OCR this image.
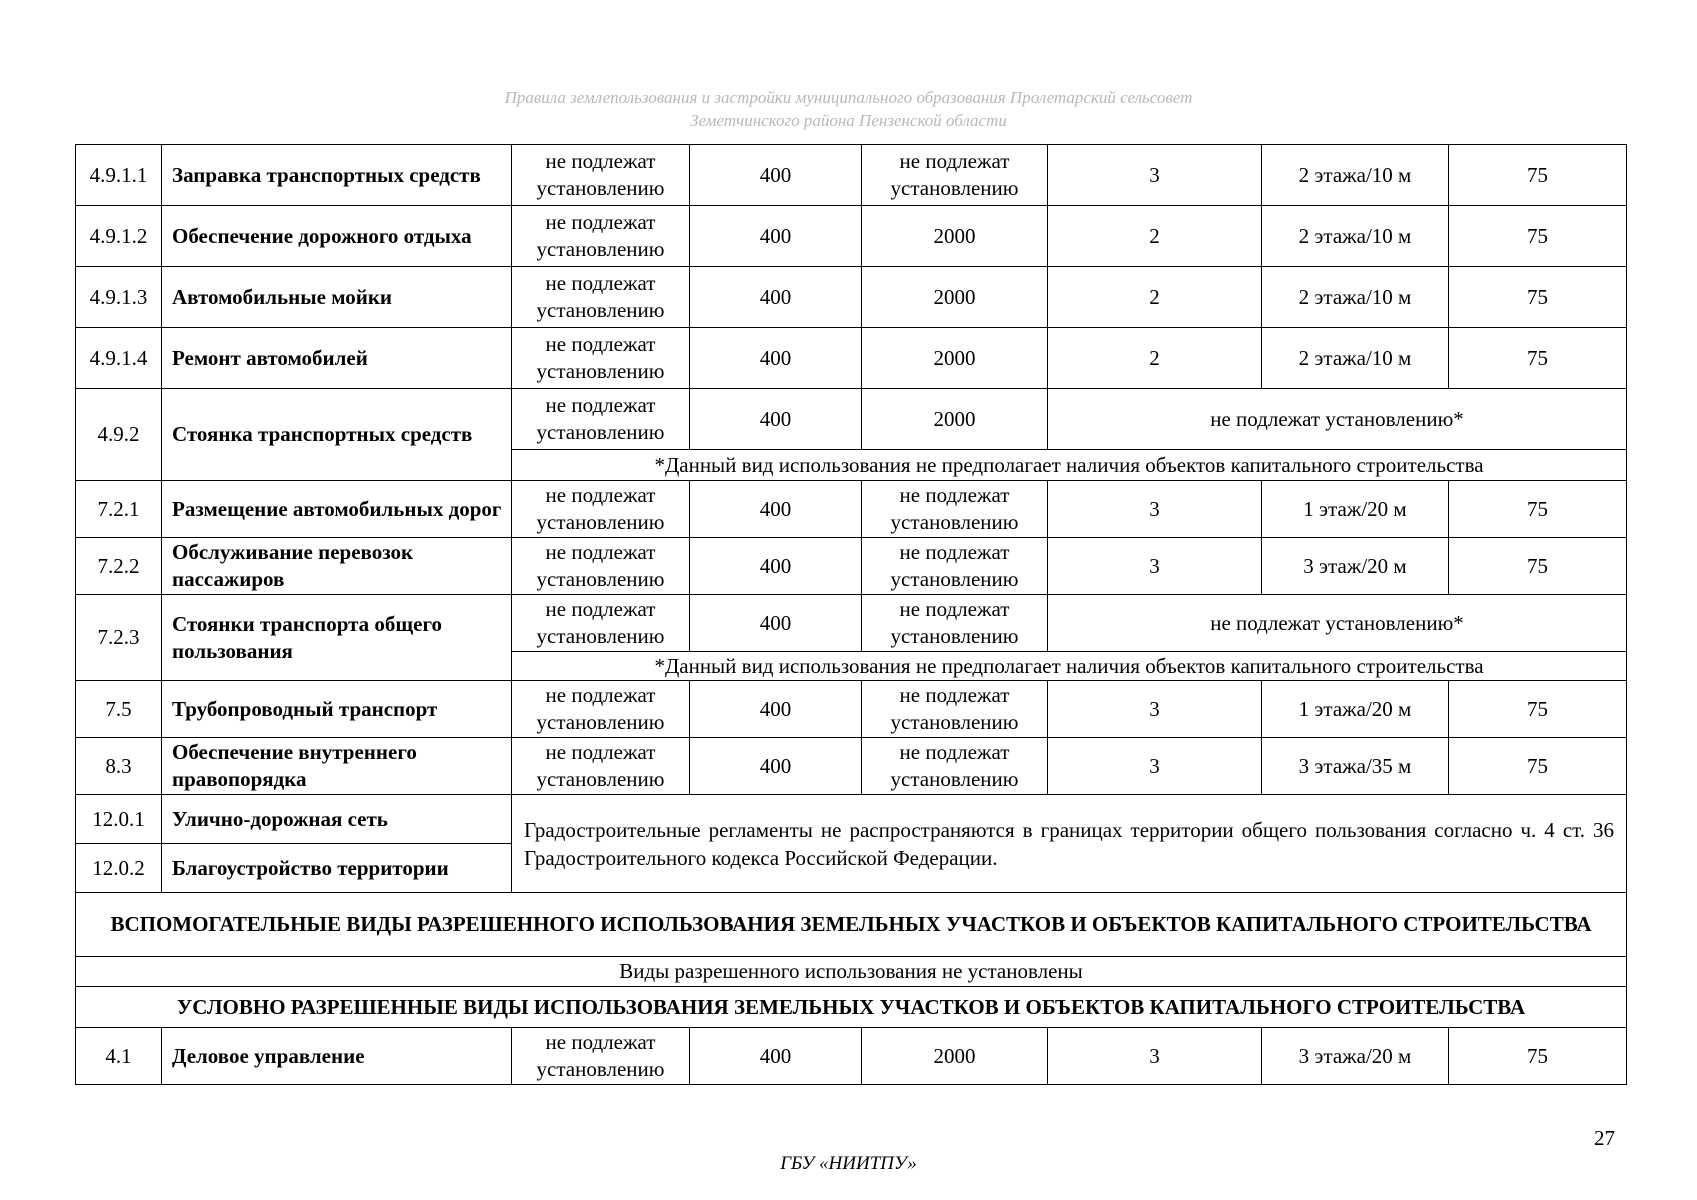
Правила землепользования и застройки муниципального образования Пролетарский сельсовет
Земетчинского района Пензенской области
4.9.1.1	Заправка транспортных средств	не подлежат установлению	400	не подлежат установлению	3	2 этажа/10 м	75
4.9.1.2	Обеспечение дорожного отдыха	не подлежат установлению	400	2000	2	2 этажа/10 м	75
4.9.1.3	Автомобильные мойки	не подлежат установлению	400	2000	2	2 этажа/10 м	75
4.9.1.4	Ремонт автомобилей	не подлежат установлению	400	2000	2	2 этажа/10 м	75
4.9.2	Стоянка транспортных средств	не подлежат установлению	400	2000	не подлежат установлению*		
		*Данный вид использования не предполагает наличия объектов капитального строительства					
7.2.1	Размещение автомобильных дорог	не подлежат установлению	400	не подлежат установлению	3	1 этаж/20 м	75
7.2.2	Обслуживание перевозок пассажиров	не подлежат установлению	400	не подлежат установлению	3	3 этаж/20 м	75
7.2.3	Стоянки транспорта общего пользования	не подлежат установлению	400	не подлежат установлению	не подлежат установлению*		
		*Данный вид использования не предполагает наличия объектов капитального строительства					
7.5	Трубопроводный транспорт	не подлежат установлению	400	не подлежат установлению	3	1 этажа/20 м	75
8.3	Обеспечение внутреннего правопорядка	не подлежат установлению	400	не подлежат установлению	3	3 этажа/35 м	75
12.0.1	Улично-дорожная сеть	Градостроительные регламенты не распространяются в границах территории общего пользования согласно ч. 4 ст. 36 Градостроительного кодекса Российской Федерации.					
12.0.2	Благоустройство территории						
ВСПОМОГАТЕЛЬНЫЕ ВИДЫ РАЗРЕШЕННОГО ИСПОЛЬЗОВАНИЯ ЗЕМЕЛЬНЫХ УЧАСТКОВ И ОБЪЕКТОВ КАПИТАЛЬНОГО СТРОИТЕЛЬСТВА							
Виды разрешенного использования не установлены							
УСЛОВНО РАЗРЕШЕННЫЕ ВИДЫ ИСПОЛЬЗОВАНИЯ ЗЕМЕЛЬНЫХ УЧАСТКОВ И ОБЪЕКТОВ КАПИТАЛЬНОГО СТРОИТЕЛЬСТВА							
4.1	Деловое управление	не подлежат установлению	400	2000	3	3 этажа/20 м	75
27
ГБУ «НИИТПУ»
